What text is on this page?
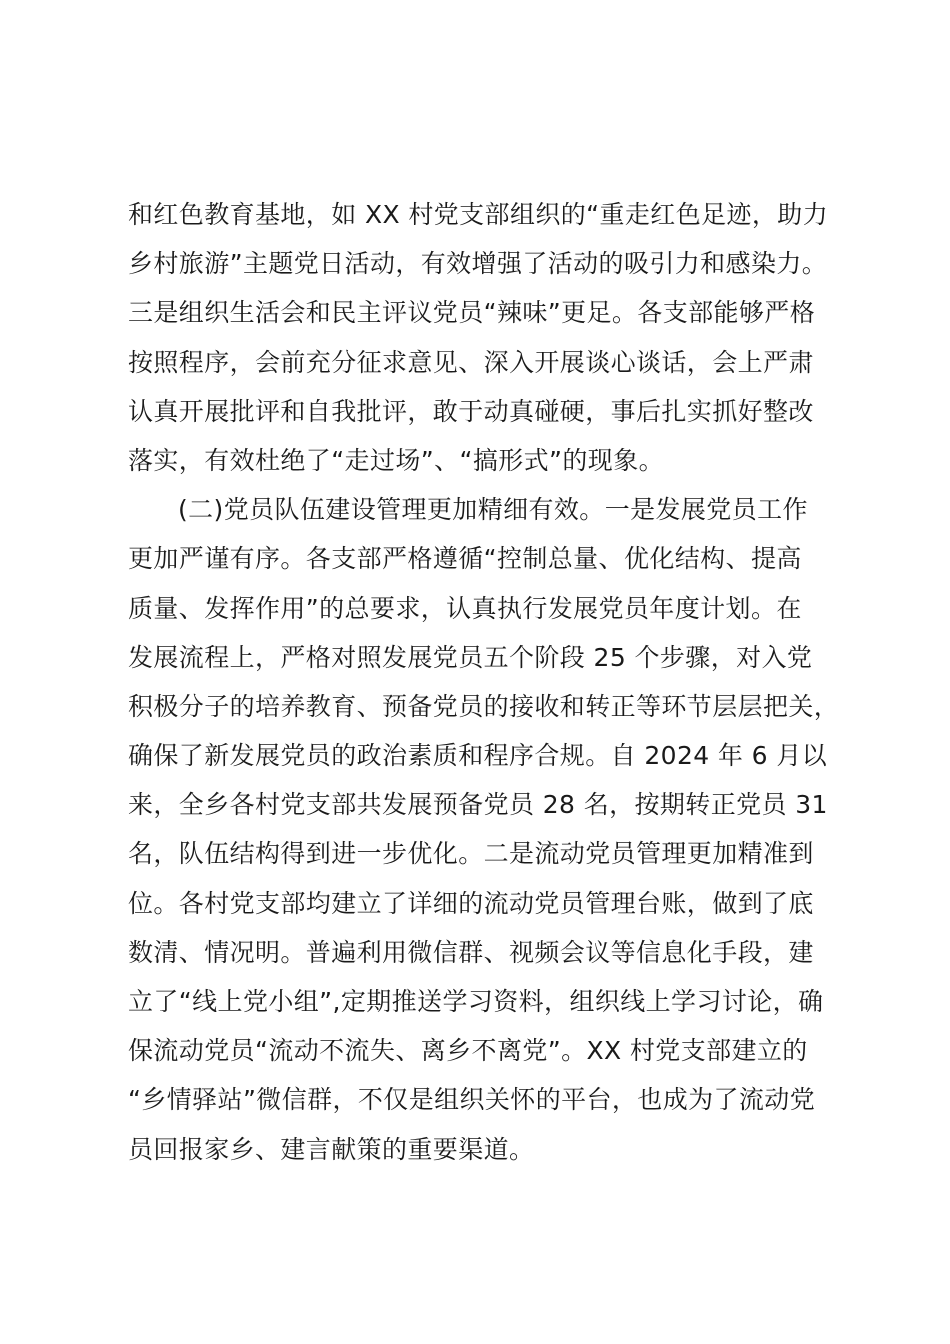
和红色教育基地，如 XX 村党支部组织的“重走红色足迹，助力
乡村旅游”主题党日活动，有效增强了活动的吸引力和感染力。
三是组织生活会和民主评议党员“辣味”更足。各支部能够严格
按照程序，会前充分征求意见、深入开展谈心谈话，会上严肃
认真开展批评和自我批评，敢于动真碰硬，事后扎实抓好整改
落实，有效杜绝了“走过场”、“搞形式”的现象。
(二)党员队伍建设管理更加精细有效。一是发展党员工作
更加严谨有序。各支部严格遵循“控制总量、优化结构、提高
质量、发挥作用”的总要求，认真执行发展党员年度计划。在
发展流程上，严格对照发展党员五个阶段 25 个步骤，对入党
积极分子的培养教育、预备党员的接收和转正等环节层层把关，
确保了新发展党员的政治素质和程序合规。自 2024 年 6 月以
来，全乡各村党支部共发展预备党员 28 名，按期转正党员 31
名，队伍结构得到进一步优化。二是流动党员管理更加精准到
位。各村党支部均建立了详细的流动党员管理台账，做到了底
数清、情况明。普遍利用微信群、视频会议等信息化手段，建
立了“线上党小组”,定期推送学习资料，组织线上学习讨论，确
保流动党员“流动不流失、离乡不离党”。XX 村党支部建立的
“乡情驿站”微信群，不仅是组织关怀的平台，也成为了流动党
员回报家乡、建言献策的重要渠道。
